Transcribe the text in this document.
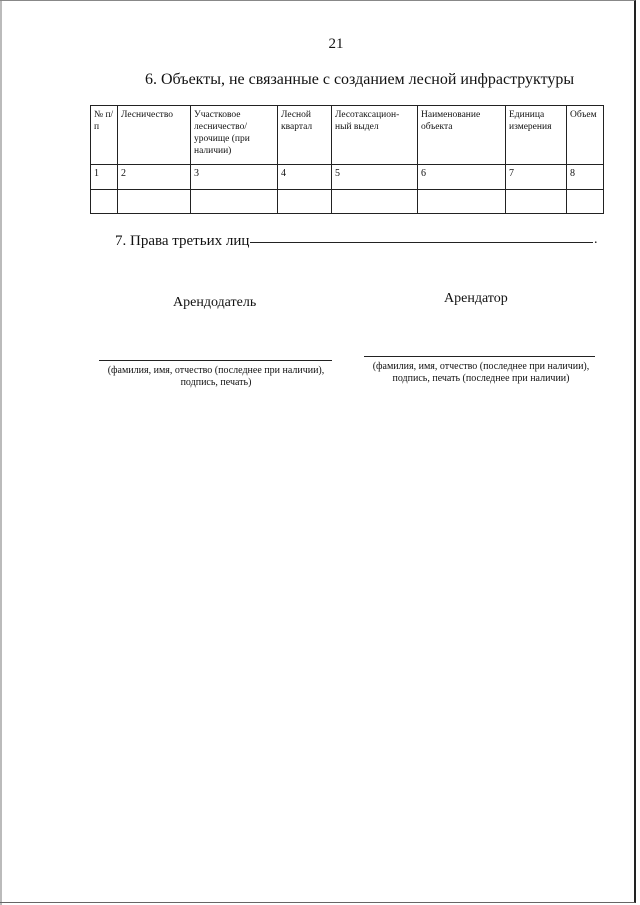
21
6. Объекты, не связанные с созданием лесной инфраструктуры
№ п/п	Лесничество	Участковое лесничество/ урочище (при наличии)	Лесной квартал	Лесотаксацион-ный выдел	Наименование объекта	Единица измерения	Объем
1	2	3	4	5	6	7	8

7. Права третьих лиц	.
Арендодатель	Арендатор
(фамилия, имя, отчество (последнее при наличии),
подпись, печать)
(фамилия, имя, отчество (последнее при наличии),
подпись, печать (последнее при наличии)
